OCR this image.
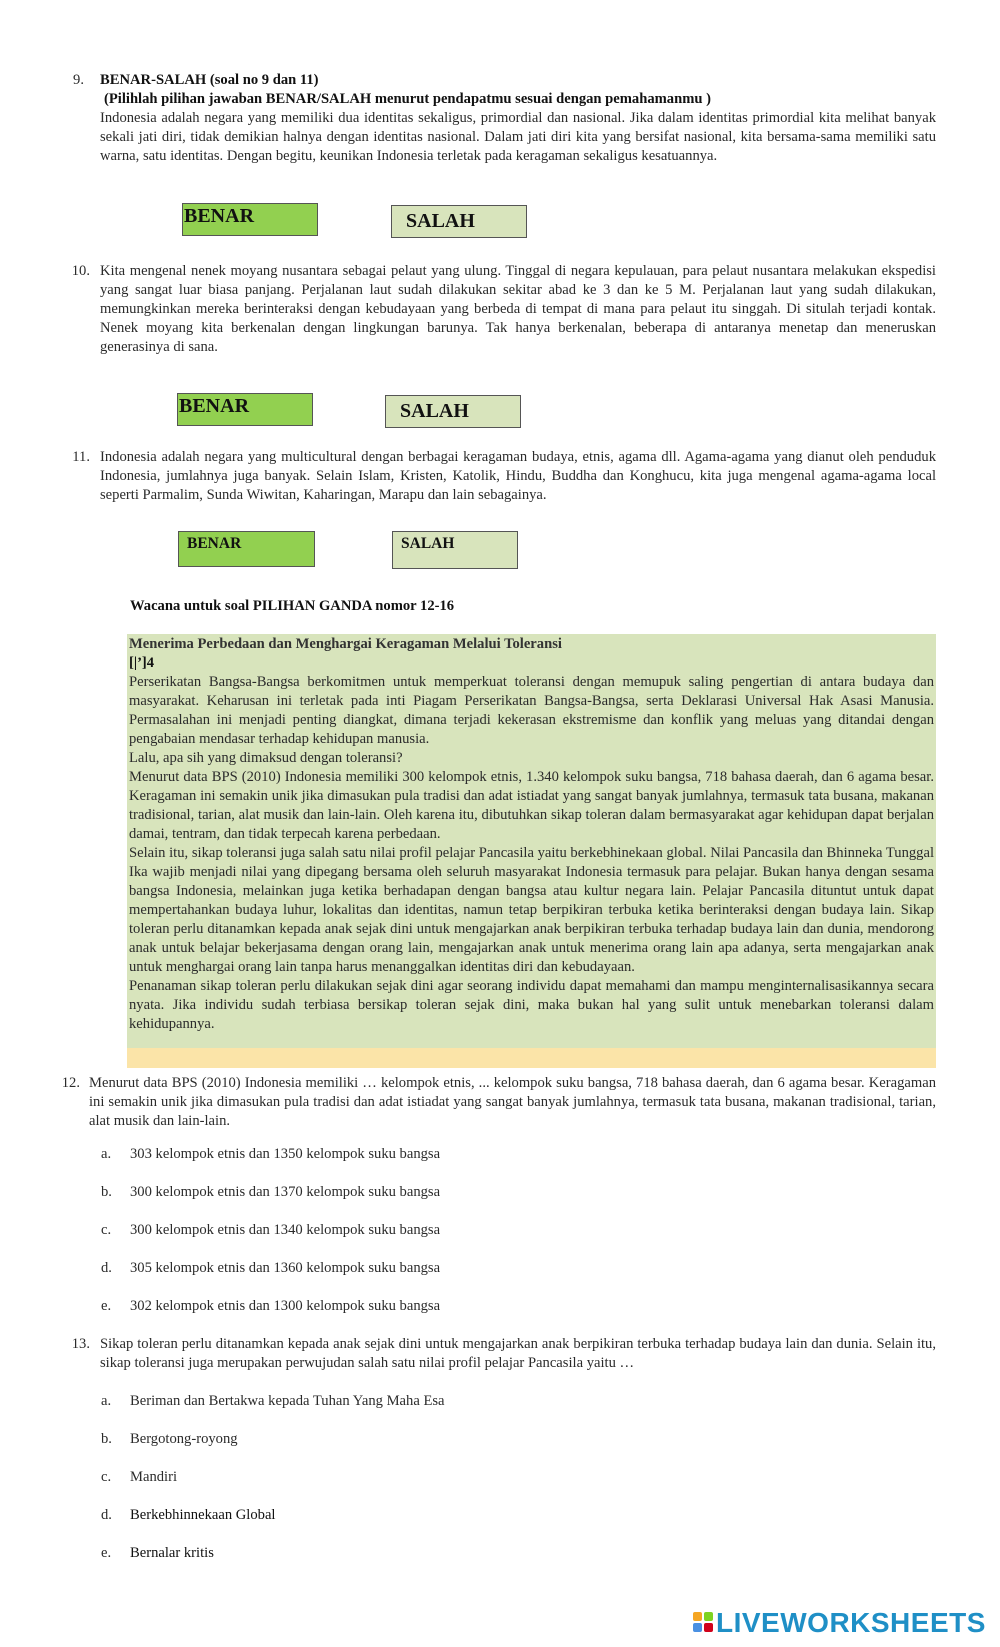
9. BENAR-SALAH (soal no 9 dan 11)
(Pilihlah pilihan jawaban BENAR/SALAH menurut pendapatmu sesuai dengan pemahamanmu )
Indonesia adalah negara yang memiliki dua identitas sekaligus, primordial dan nasional. Jika dalam identitas primordial kita melihat banyak sekali jati diri, tidak demikian halnya dengan identitas nasional. Dalam jati diri kita yang bersifat nasional, kita bersama-sama memiliki satu warna, satu identitas. Dengan begitu, keunikan Indonesia terletak pada keragaman sekaligus kesatuannya.
BENAR	SALAH
10. Kita mengenal nenek moyang nusantara sebagai pelaut yang ulung. Tinggal di negara kepulauan, para pelaut nusantara melakukan ekspedisi yang sangat luar biasa panjang. Perjalanan laut sudah dilakukan sekitar abad ke 3 dan ke 5 M. Perjalanan laut yang sudah dilakukan, memungkinkan mereka berinteraksi dengan kebudayaan yang berbeda di tempat di mana para pelaut itu singgah. Di situlah terjadi kontak. Nenek moyang kita berkenalan dengan lingkungan barunya. Tak hanya berkenalan, beberapa di antaranya menetap dan meneruskan generasinya di sana.
BENAR	SALAH
11. Indonesia adalah negara yang multicultural dengan berbagai keragaman budaya, etnis, agama dll. Agama-agama yang dianut oleh penduduk Indonesia, jumlahnya juga banyak. Selain Islam, Kristen, Katolik, Hindu, Buddha dan Konghucu, kita juga mengenal agama-agama local seperti Parmalim, Sunda Wiwitan, Kaharingan, Marapu dan lain sebagainya.
BENAR	SALAH
Wacana untuk soal PILIHAN GANDA nomor 12-16
Menerima Perbedaan dan Menghargai Keragaman Melalui Toleransi
[|’]4
Perserikatan Bangsa-Bangsa berkomitmen untuk memperkuat toleransi dengan memupuk saling pengertian di antara budaya dan masyarakat. Keharusan ini terletak pada inti Piagam Perserikatan Bangsa-Bangsa, serta Deklarasi Universal Hak Asasi Manusia. Permasalahan ini menjadi penting diangkat, dimana terjadi kekerasan ekstremisme dan konflik yang meluas yang ditandai dengan pengabaian mendasar terhadap kehidupan manusia.
Lalu, apa sih yang dimaksud dengan toleransi?
Menurut data BPS (2010) Indonesia memiliki 300 kelompok etnis, 1.340 kelompok suku bangsa, 718 bahasa daerah, dan 6 agama besar. Keragaman ini semakin unik jika dimasukan pula tradisi dan adat istiadat yang sangat banyak jumlahnya, termasuk tata busana, makanan tradisional, tarian, alat musik dan lain-lain. Oleh karena itu, dibutuhkan sikap toleran dalam bermasyarakat agar kehidupan dapat berjalan damai, tentram, dan tidak terpecah karena perbedaan.
Selain itu, sikap toleransi juga salah satu nilai profil pelajar Pancasila yaitu berkebhinekaan global. Nilai Pancasila dan Bhinneka Tunggal Ika wajib menjadi nilai yang dipegang bersama oleh seluruh masyarakat Indonesia termasuk para pelajar. Bukan hanya dengan sesama bangsa Indonesia, melainkan juga ketika berhadapan dengan bangsa atau kultur negara lain. Pelajar Pancasila dituntut untuk dapat mempertahankan budaya luhur, lokalitas dan identitas, namun tetap berpikiran terbuka ketika berinteraksi dengan budaya lain. Sikap toleran perlu ditanamkan kepada anak sejak dini untuk mengajarkan anak berpikiran terbuka terhadap budaya lain dan dunia, mendorong anak untuk belajar bekerjasama dengan orang lain, mengajarkan anak untuk menerima orang lain apa adanya, serta mengajarkan anak untuk menghargai orang lain tanpa harus menanggalkan identitas diri dan kebudayaan.
Penanaman sikap toleran perlu dilakukan sejak dini agar seorang individu dapat memahami dan mampu menginternalisasikannya secara nyata. Jika individu sudah terbiasa bersikap toleran sejak dini, maka bukan hal yang sulit untuk menebarkan toleransi dalam kehidupannya.
12. Menurut data BPS (2010) Indonesia memiliki … kelompok etnis, ... kelompok suku bangsa, 718 bahasa daerah, dan 6 agama besar. Keragaman ini semakin unik jika dimasukan pula tradisi dan adat istiadat yang sangat banyak jumlahnya, termasuk tata busana, makanan tradisional, tarian, alat musik dan lain-lain.
a.	303 kelompok etnis dan 1350 kelompok suku bangsa
b.	300 kelompok etnis dan 1370 kelompok suku bangsa
c.	300 kelompok etnis dan 1340 kelompok suku bangsa
d.	305 kelompok etnis dan 1360 kelompok suku bangsa
e.	302 kelompok etnis dan 1300 kelompok suku bangsa
13. Sikap toleran perlu ditanamkan kepada anak sejak dini untuk mengajarkan anak berpikiran terbuka terhadap budaya lain dan dunia. Selain itu, sikap toleransi juga merupakan perwujudan salah satu nilai profil pelajar Pancasila yaitu …
a.	Beriman dan Bertakwa kepada Tuhan Yang Maha Esa
b.	Bergotong-royong
c.	Mandiri
d.	Berkebhinnekaan Global
e.	Bernalar kritis
LIVEWORKSHEETS
